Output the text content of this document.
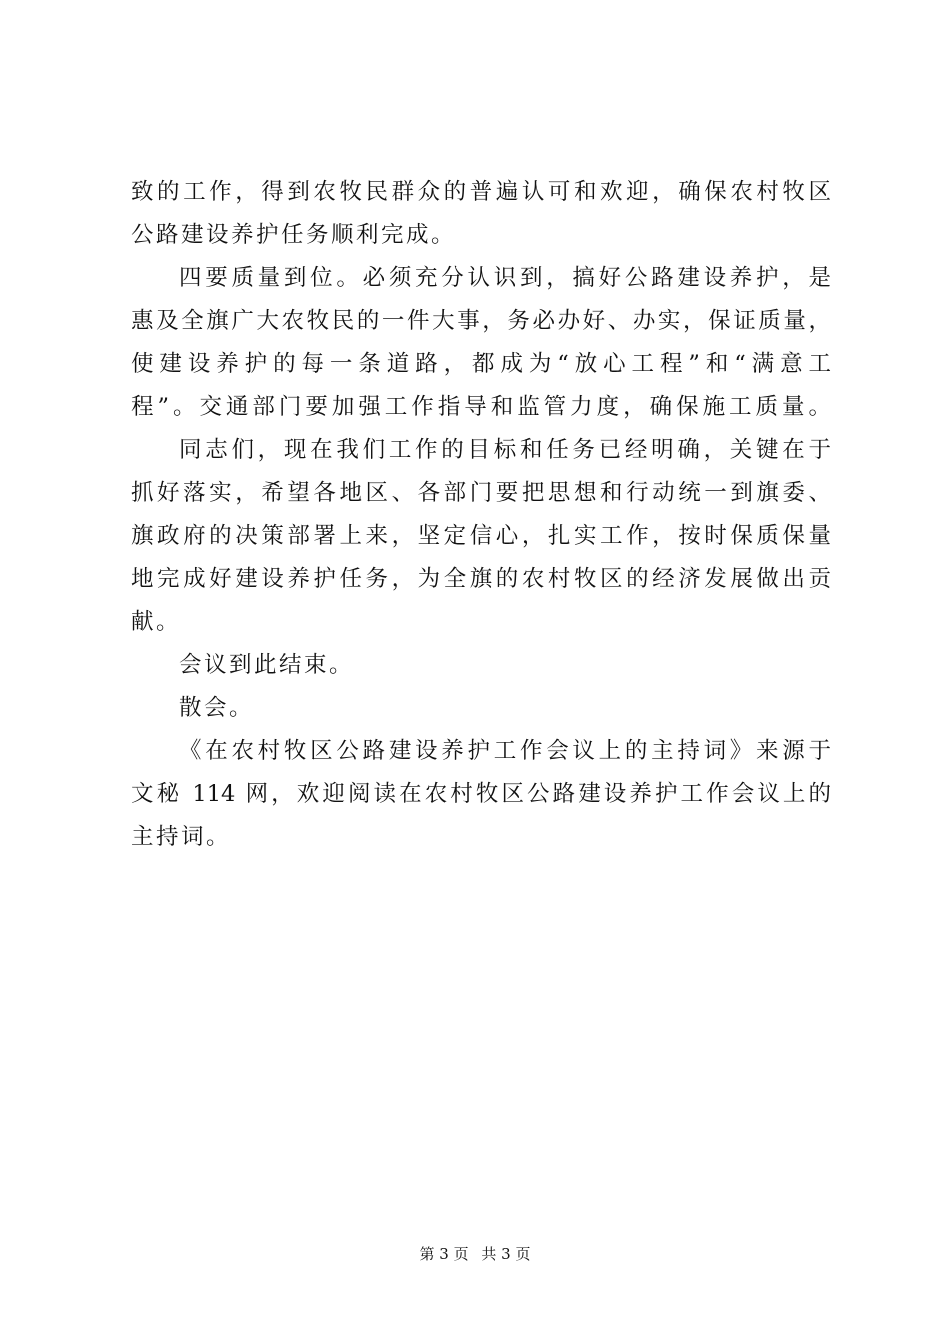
致的工作，得到农牧民群众的普遍认可和欢迎，确保农村牧区
公路建设养护任务顺利完成。
四要质量到位。必须充分认识到，搞好公路建设养护，是
惠及全旗广大农牧民的一件大事，务必办好、办实，保证质量，
使建设养护的每一条道路，都成为“放心工程”和“满意工
程”。交通部门要加强工作指导和监管力度，确保施工质量。
同志们，现在我们工作的目标和任务已经明确，关键在于
抓好落实，希望各地区、各部门要把思想和行动统一到旗委、
旗政府的决策部署上来，坚定信心，扎实工作，按时保质保量
地完成好建设养护任务，为全旗的农村牧区的经济发展做出贡
献。
会议到此结束。
散会。
《在农村牧区公路建设养护工作会议上的主持词》来源于
文秘 114 网，欢迎阅读在农村牧区公路建设养护工作会议上的
主持词。
第 3 页 共 3 页
